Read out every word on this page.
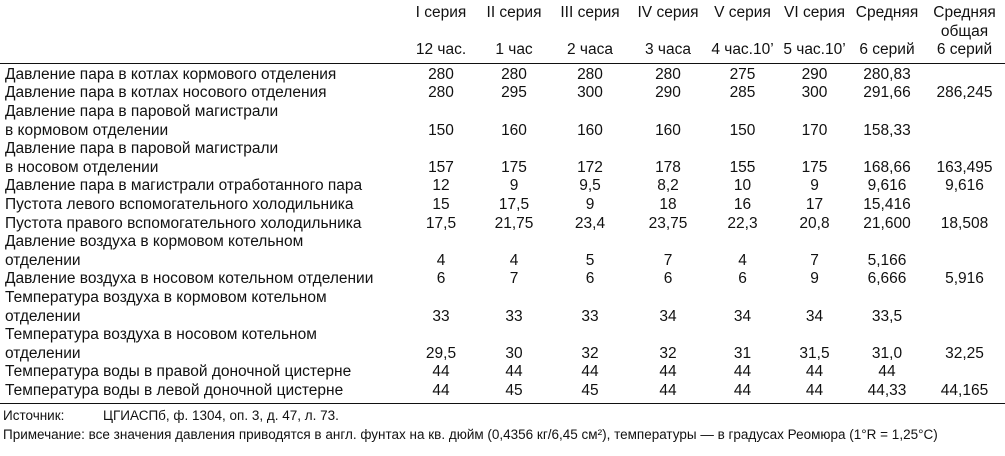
	I серия	II серия	III серия	IV серия	V серия	VI серия	Средняя	Средняя
общая

	12 час.	1 час	2 часа	3 часа	4 час.10’	5 час.10’	6 серий	6 серий
Давление пара в котлах кормового отделения	280	280	280	280	275	290	280,83	
Давление пара в котлах носового отделения	280	295	300	290	285	300	291,66	286,245
Давление пара в паровой магистрали
в кормовом отделении	150	160	160	160	150	170	158,33	
Давление пара в паровой магистрали
в носовом отделении	157	175	172	178	155	175	168,66	163,495
Давление пара в магистрали отработанного пара	12	9	9,5	8,2	10	9	9,616	9,616
Пустота левого вспомогательного холодильника	15	17,5	9	18	16	17	15,416	
Пустота правого вспомогательного холодильника	17,5	21,75	23,4	23,75	22,3	20,8	21,600	18,508
Давление воздуха в кормовом котельном
отделении	4	4	5	7	4	7	5,166	
Давление воздуха в носовом котельном отделении	6	7	6	6	6	9	6,666	5,916
Температура воздуха в кормовом котельном
отделении	33	33	33	34	34	34	33,5	
Температура воздуха в носовом котельном
отделении	29,5	30	32	32	31	31,5	31,0	32,25
Температура воды в правой доночной цистерне	44	44	44	44	44	44	44	
Температура воды в левой доночной цистерне	44	45	45	44	44	44	44,33	44,165
Источник:	ЦГИАСПб, ф. 1304, оп. 3, д. 47, л. 73.
Примечание: все значения давления приводятся в англ. фунтах на кв. дюйм (0,4356 кг/6,45 см²), температуры — в градусах Реомюра (1°R = 1,25°C)
